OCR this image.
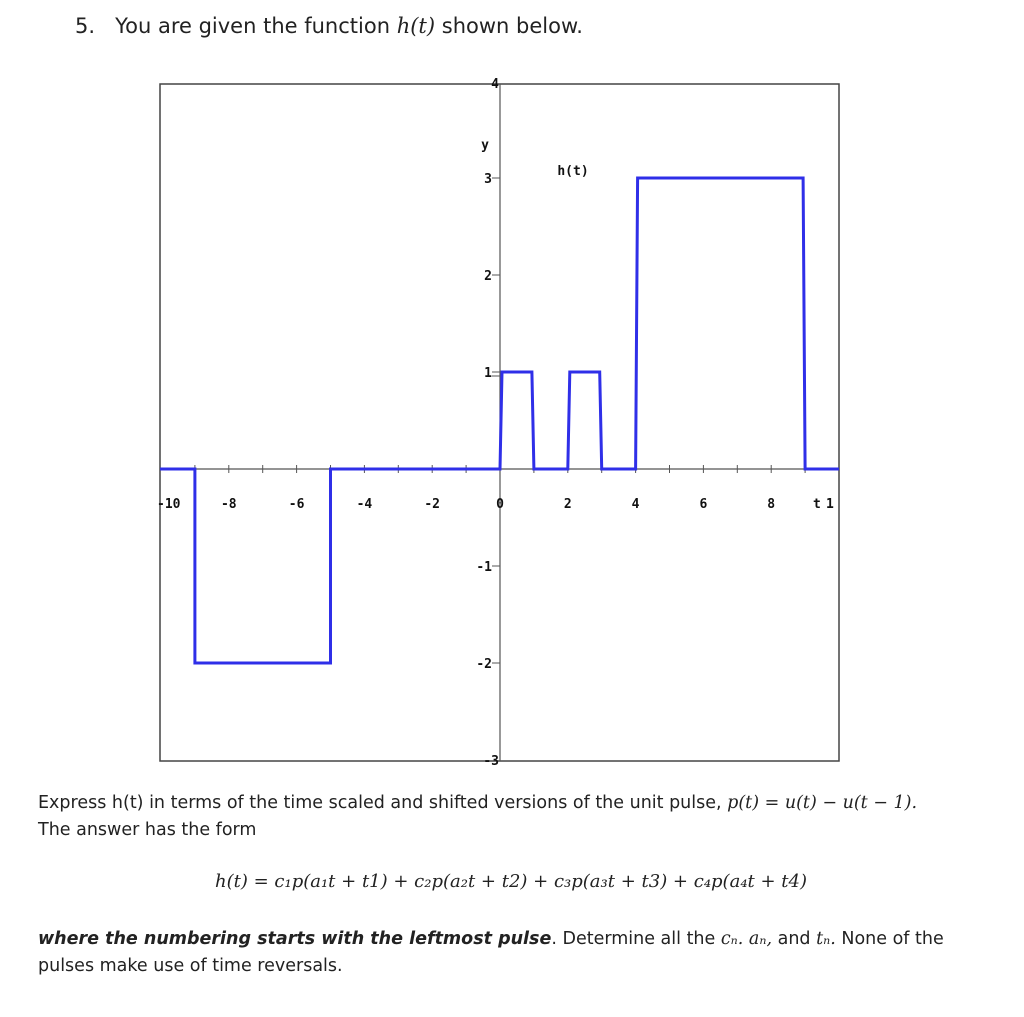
5. You are given the function h(t) shown below.
-8	-6	-4	-2	0	2	4	6	8
-10	t 1
3
2
1
-1
-2
y
4
-3
h(t)
Express h(t) in terms of the time scaled and shifted versions of the unit pulse, p(t) = u(t) − u(t − 1).
The answer has the form
h(t) = c₁p(a₁t + t1) + c₂p(a₂t + t2) + c₃p(a₃t + t3) + c₄p(a₄t + t4)
where the numbering starts with the leftmost pulse. Determine all the cₙ. aₙ, and tₙ. None of the
pulses make use of time reversals.
